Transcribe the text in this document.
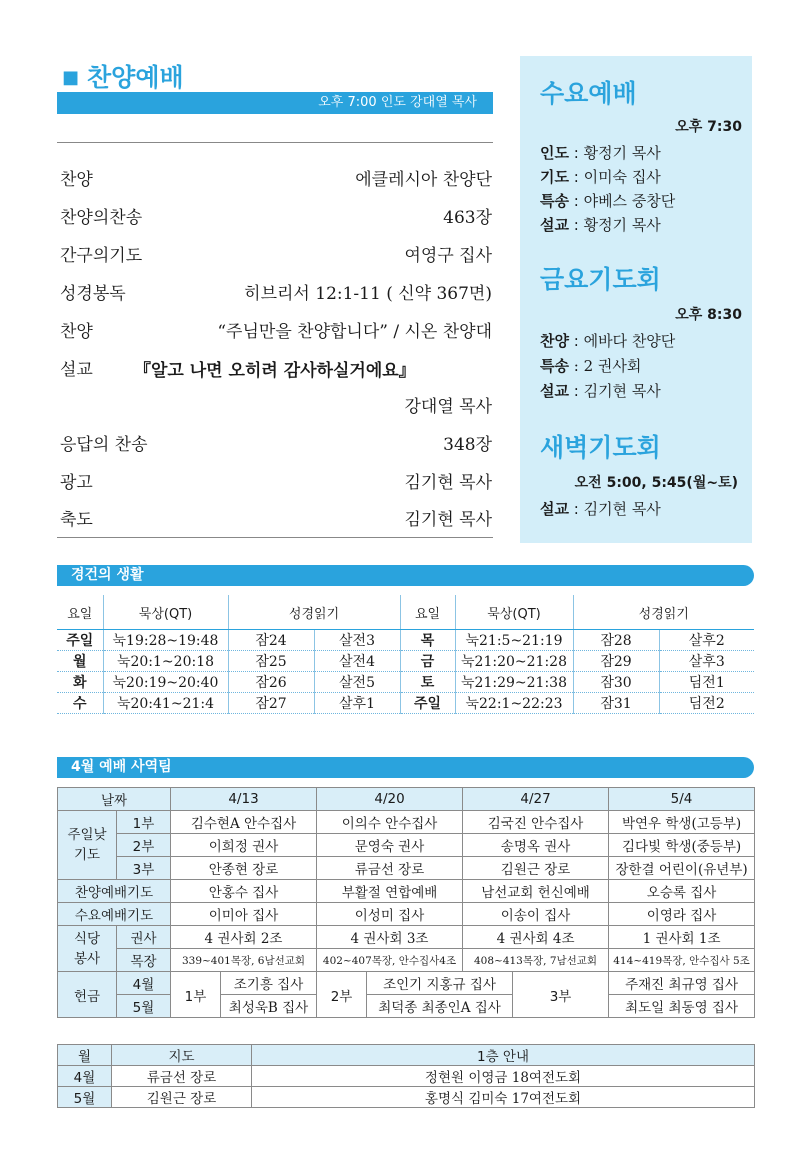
■ 찬양예배
오후 7:00 인도 강대열 목사
찬양	에클레시아 찬양단
찬양의찬송	463장
간구의기도	여영구 집사
성경봉독	히브리서 12:1-11 ( 신약 367면)
찬양	“주님만을 찬양합니다” / 시온 찬양대
설교 『알고 나면 오히려 감사하실거에요』
강대열 목사
응답의 찬송	348장
광고	김기현 목사
축도	김기현 목사
수요예배
오후 7:30
인도 : 황정기 목사
기도 : 이미숙 집사
특송 : 야베스 중창단
설교 : 황정기 목사
금요기도회
오후 8:30
찬양 : 에바다 찬양단
특송 : 2 권사회
설교 : 김기현 목사
새벽기도회
오전 5:00, 5:45(월~토)
설교 : 김기현 목사
경건의 생활
요일	묵상(QT)	성경읽기		요일	묵상(QT)	성경읽기	
주일	눅19:28~19:48	잠24	살전3	목	눅21:5~21:19	잠28	살후2
월	눅20:1~20:18	잠25	살전4	금	눅21:20~21:28	잠29	살후3
화	눅20:19~20:40	잠26	살전5	토	눅21:29~21:38	잠30	딤전1
수	눅20:41~21:4	잠27	살후1	주일	눅22:1~22:23	잠31	딤전2
4월 예배 사역팀
날짜		4/13		4/20		4/27		5/4
주일낮
기도	1부	김수현A 안수집사		이의수 안수집사		김국진 안수집사		박연우 학생(고등부)
	2부	이희정 권사		문영숙 권사		송명옥 권사		김다빛 학생(중등부)
	3부	안종현 장로		류금선 장로		김원근 장로		장한결 어린이(유년부)
찬양예배기도		안홍수 집사		부활절 연합예배		남선교회 헌신예배		오승록 집사
수요예배기도		이미아 집사		이성미 집사		이송이 집사		이영라 집사
식당
봉사	권사	4 권사회 2조		4 권사회 3조		4 권사회 4조		1 권사회 1조
	목장	339~401목장, 6남선교회		402~407목장, 안수집사4조		408~413목장, 7남선교회		414~419목장, 안수집사 5조
헌금	4월	1부	조기흥 집사	2부	조인기 지홍규 집사		3부	주재진 최규영 집사
	5월		최성욱B 집사		최덕종 최종인A 집사			최도일 최동영 집사
월	지도	1층 안내
4월	류금선 장로	정현원 이영금 18여전도회
5월	김원근 장로	홍명식 김미숙 17여전도회
